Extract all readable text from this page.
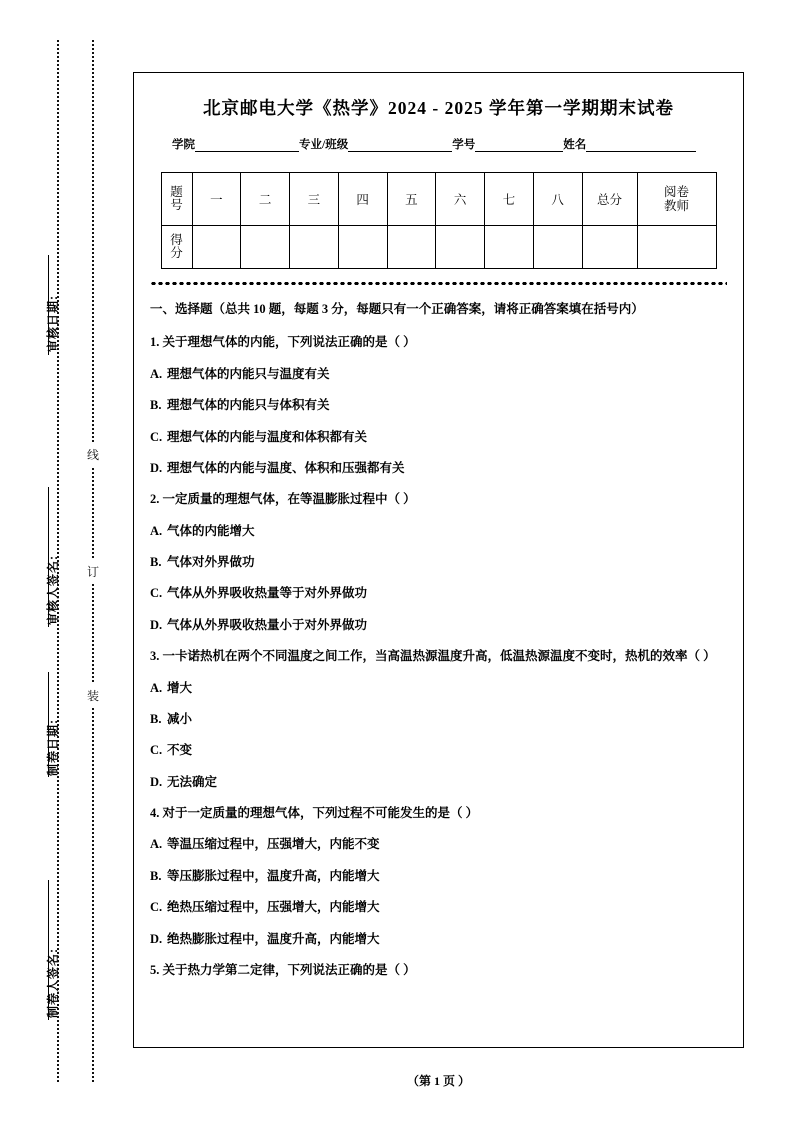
审核日期:
审核人签名:
制卷日期:
制卷人签名:
线
订
装
北京邮电大学《热学》2024 - 2025 学年第一学期期末试卷
学院	专业/班级	学号	姓名
题
号	一	二	三	四	五	六	七	八	总分	阅卷
教师

得
分										

一、选择题（总共 10 题，每题 3 分，每题只有一个正确答案，请将正确答案填在括号内）

1. 关于理想气体的内能，下列说法正确的是（ ）

A. 理想气体的内能只与温度有关

B. 理想气体的内能只与体积有关

C. 理想气体的内能与温度和体积都有关

D. 理想气体的内能与温度、体积和压强都有关

2. 一定质量的理想气体，在等温膨胀过程中（ ）

A. 气体的内能增大

B. 气体对外界做功

C. 气体从外界吸收热量等于对外界做功

D. 气体从外界吸收热量小于对外界做功

3. 一卡诺热机在两个不同温度之间工作，当高温热源温度升高，低温热源温度不变时，热机的效率（ ）

A. 增大

B. 减小

C. 不变

D. 无法确定

4. 对于一定质量的理想气体，下列过程不可能发生的是（ ）

A. 等温压缩过程中，压强增大，内能不变

B. 等压膨胀过程中，温度升高，内能增大

C. 绝热压缩过程中，压强增大，内能增大

D. 绝热膨胀过程中，温度升高，内能增大

5. 关于热力学第二定律，下列说法正确的是（ ）

（第 1 页 ）
